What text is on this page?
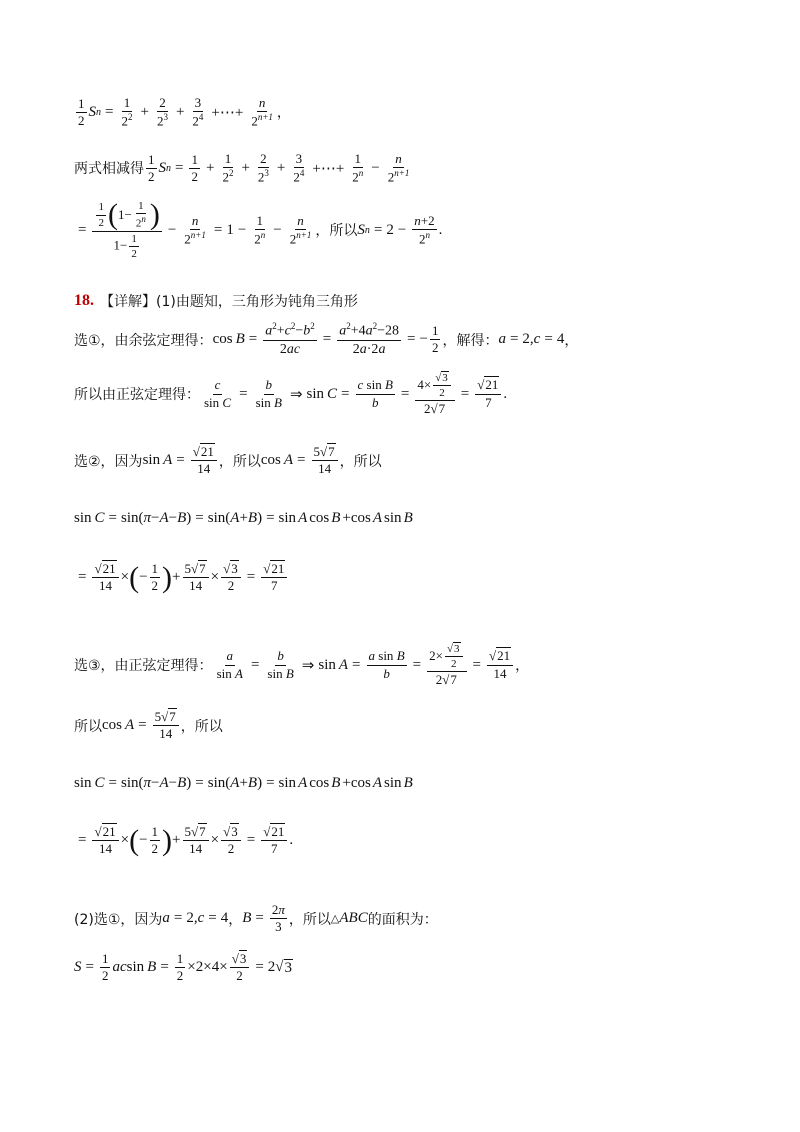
$\frac{1}{2}$ S $n = \frac{1}{2^2} + \frac{2}{2^3} + \frac{3}{2^4}$ +⋯+ $\frac{n}{2^{n+1}}$ ，
两式相减得 $\frac{1}{2}$ S $n = \frac{1}{2} + \frac{1}{2^2} + \frac{2}{2^3} + \frac{3}{2^4}$ +⋯+ $\frac{1}{2^n} - \frac{n}{2^{n+1}}$
= $\frac{\frac{1}{2} ( 1- \frac{1}{2^n} )}{1- \frac{1}{2}} - \frac{n}{2^{n+1}} = 1 - \frac{1}{2^n} - \frac{n}{2^{n+1}}$ ，所以 S $n = 2 - \frac{n+2}{2^n}$ .
18. 【详解】(1)由题知，三角形为钝角三角形
选①，由余弦定理得： $\cos B = \frac{a^2+c^2-b^2}{2ac} = \frac{a^2+4a^2-28}{2a\cdot 2a}$ = − $\frac{1}{2}$ ，解得： a = 2, c = 4 ，
所以由正弦定理得： $\frac{c}{\text{sin C}} = \frac{b}{\text{sin B}}$ ⇒ $\sin C = \frac{\text{c sin B}}{b} = \frac{4\times \frac{√3}{2}}{2√7} = \frac{√21}{7}$ .
选②，因为 $\sin A = \frac{√21}{14}$ ，所以 $\cos A = \frac{5√7}{14}$ ，所以
sin C = sin( π − A − B ) = sin( A + B ) = sin A cos B +cos A sin B
= $\frac{√21}{14}$ × ( − $\frac{1}{2}$ ) + $\frac{5√7}{14} \times \frac{√3}{2} = \frac{√21}{7}$
选③，由正弦定理得： $\frac{a}{\text{sin A}} = \frac{b}{\text{sin B}}$ ⇒ $\sin A = \frac{\text{a sin B}}{b} = \frac{2\times \frac{√3}{2}}{2√7} = \frac{√21}{14}$ ，
所以 $\cos A = \frac{5√7}{14}$ ，所以
sin C = sin( π − A − B ) = sin( A + B ) = sin A cos B +cos A sin B
= $\frac{√21}{14}$ × ( − $\frac{1}{2}$ ) + $\frac{5√7}{14} \times \frac{√3}{2} = \frac{√21}{7}$ .
(2)选①，因为 a = 2, c = 4 ， $B = \frac{2\pi}{3}$ ，所以 △ ABC 的面积为：
$S = \frac{1}{2}$ ac $\sin B = \frac{1}{2} \times 2\times 4\times \frac{√3}{2} = 2√$ 3
